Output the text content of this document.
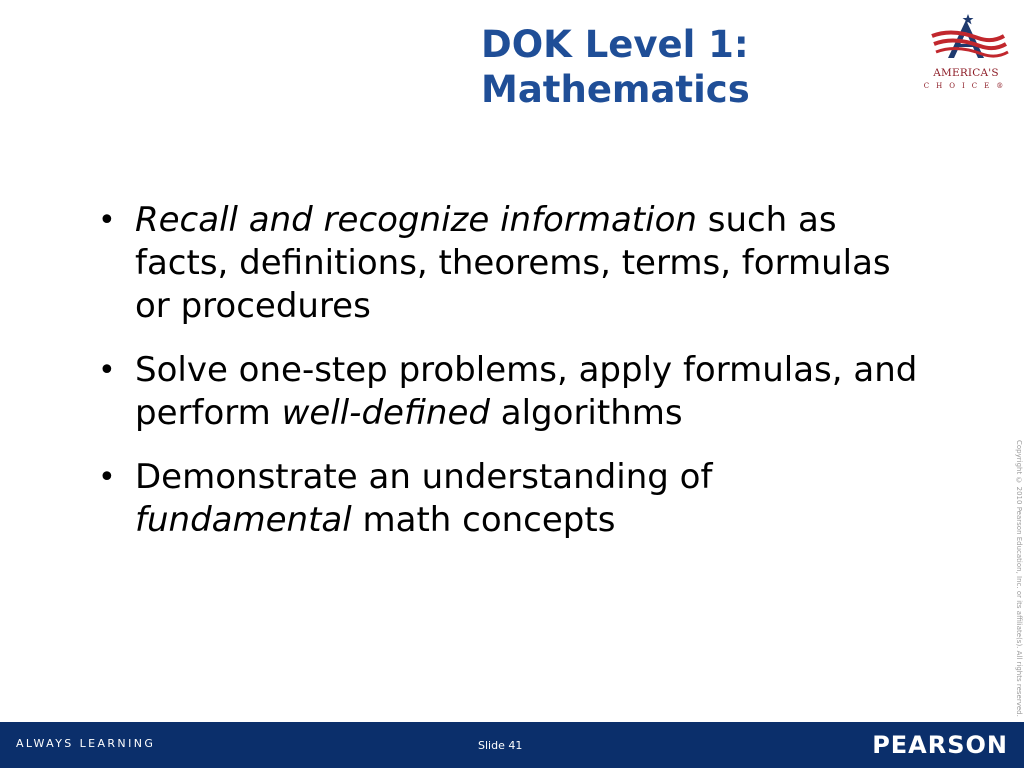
DOK Level 1:
Mathematics	AMERICA'S
CHOICE®
• Recall and recognize information such as facts, definitions, theorems, terms, formulas or procedures
• Solve one-step problems, apply formulas, and perform well-defined algorithms
• Demonstrate an understanding of fundamental math concepts	Copyright © 2010 Pearson Education, Inc. or its affiliate(s). All rights reserved.
ALWAYS LEARNING	Slide 41	PEARSON
